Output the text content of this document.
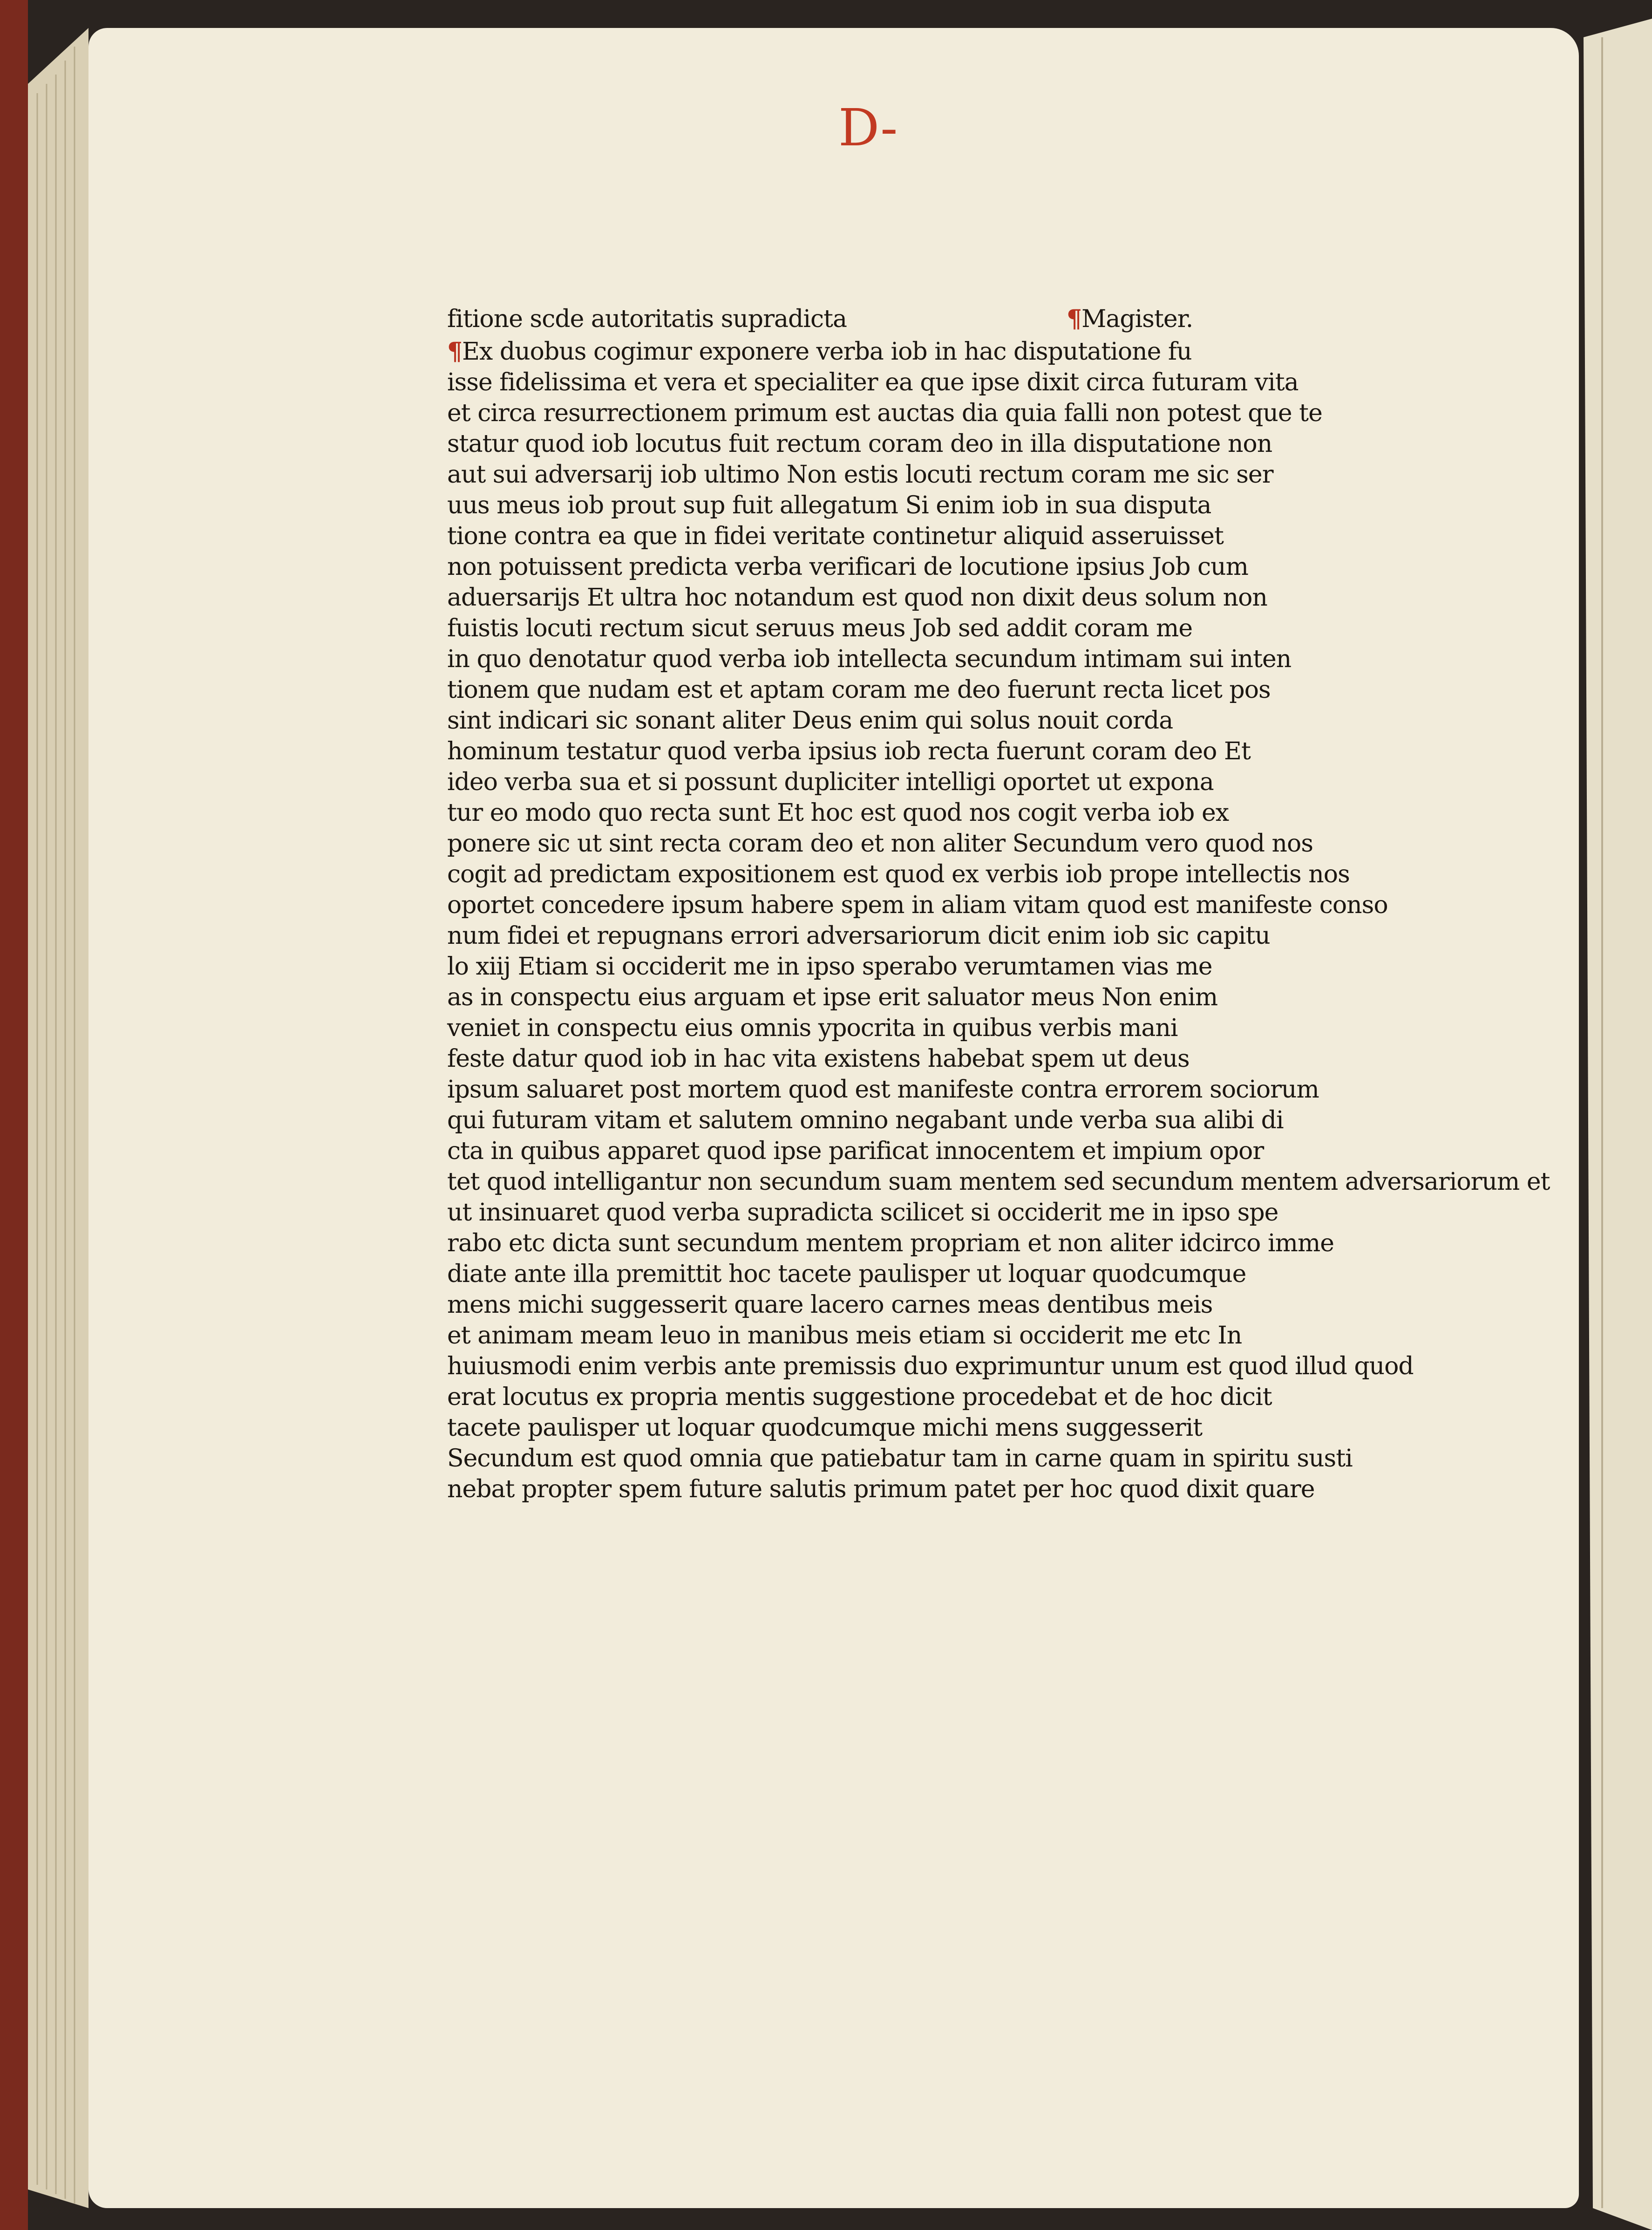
D-
fitione scde autoritatis supradicta	¶Magister.
¶Ex duobus cogimur exponere verba iob in hac disputatione fu
isse fidelissima et vera et specialiter ea que ipse dixit circa futuram vita
et circa resurrectionem primum est auctas dia quia falli non potest que te
statur quod iob locutus fuit rectum coram deo in illa disputatione non
aut sui adversarij iob ultimo Non estis locuti rectum coram me sic ser
uus meus iob prout sup fuit allegatum Si enim iob in sua disputa
tione contra ea que in fidei veritate continetur aliquid asseruisset
non potuissent predicta verba verificari de locutione ipsius Job cum
aduersarijs Et ultra hoc notandum est quod non dixit deus solum non
fuistis locuti rectum sicut seruus meus Job sed addit coram me
in quo denotatur quod verba iob intellecta secundum intimam sui inten
tionem que nudam est et aptam coram me deo fuerunt recta licet pos
sint indicari sic sonant aliter Deus enim qui solus nouit corda
hominum testatur quod verba ipsius iob recta fuerunt coram deo Et
ideo verba sua et si possunt dupliciter intelligi oportet ut expona
tur eo modo quo recta sunt Et hoc est quod nos cogit verba iob ex
ponere sic ut sint recta coram deo et non aliter Secundum vero quod nos
cogit ad predictam expositionem est quod ex verbis iob prope intellectis nos
oportet concedere ipsum habere spem in aliam vitam quod est manifeste conso
num fidei et repugnans errori adversariorum dicit enim iob sic capitu
lo xiij Etiam si occiderit me in ipso sperabo verumtamen vias me
as in conspectu eius arguam et ipse erit saluator meus Non enim
veniet in conspectu eius omnis ypocrita in quibus verbis mani
feste datur quod iob in hac vita existens habebat spem ut deus
ipsum saluaret post mortem quod est manifeste contra errorem sociorum
qui futuram vitam et salutem omnino negabant unde verba sua alibi di
cta in quibus apparet quod ipse parificat innocentem et impium opor
tet quod intelligantur non secundum suam mentem sed secundum mentem adversariorum et
ut insinuaret quod verba supradicta scilicet si occiderit me in ipso spe
rabo etc dicta sunt secundum mentem propriam et non aliter idcirco imme
diate ante illa premittit hoc tacete paulisper ut loquar quodcumque
mens michi suggesserit quare lacero carnes meas dentibus meis
et animam meam leuo in manibus meis etiam si occiderit me etc In
huiusmodi enim verbis ante premissis duo exprimuntur unum est quod illud quod
erat locutus ex propria mentis suggestione procedebat et de hoc dicit
tacete paulisper ut loquar quodcumque michi mens suggesserit
Secundum est quod omnia que patiebatur tam in carne quam in spiritu susti
nebat propter spem future salutis primum patet per hoc quod dixit quare
